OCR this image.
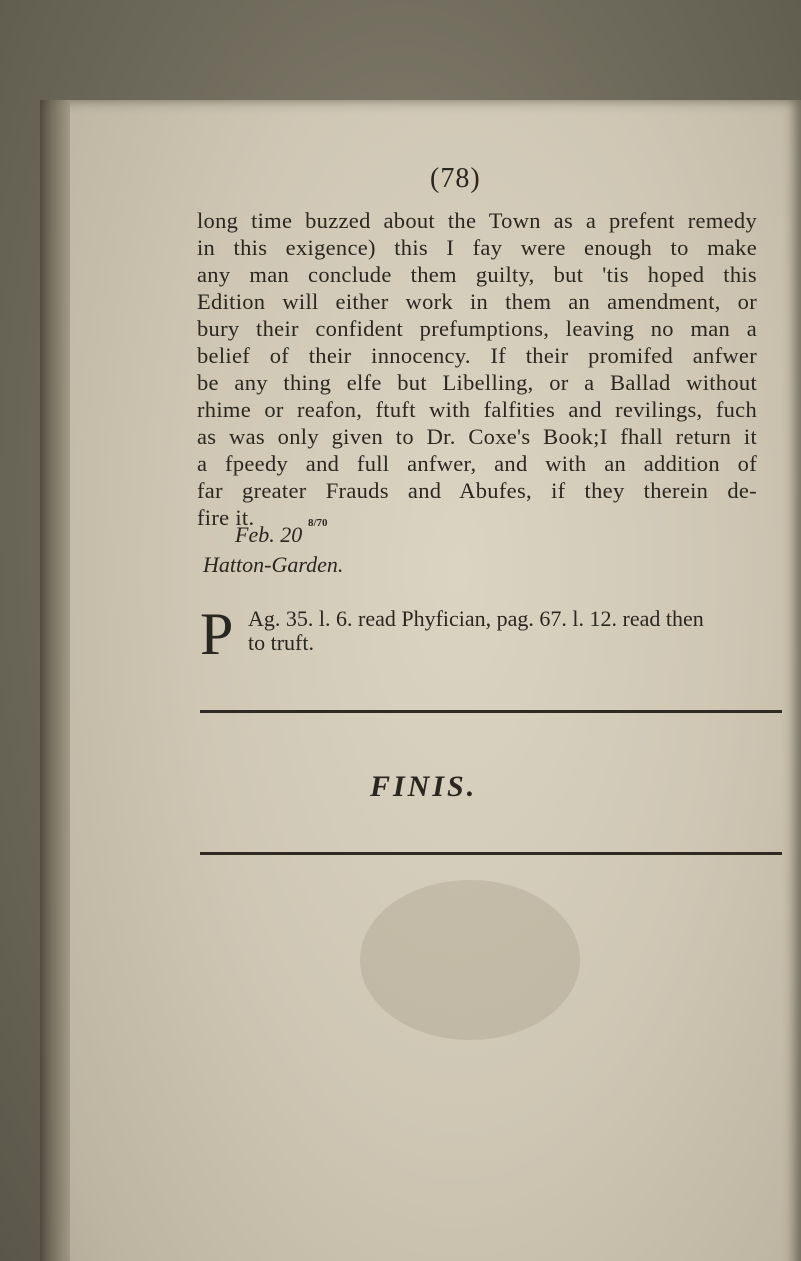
(78)
long time buzzed about the Town as a prefent remedy
in this exigence) this I fay were enough to make
any man conclude them guilty, but 'tis hoped this
Edition will either work in them an amendment, or
bury their confident prefumptions, leaving no man a
belief of their innocency. If their promifed anfwer
be any thing elfe but Libelling, or a Ballad without
rhime or reafon, ftuft with falfities and revilings, fuch
as was only given to Dr. Coxe's Book;I fhall return it
a fpeedy and full anfwer, and with an addition of
far greater Frauds and Abufes, if they therein de-
fire it.
Feb. 20 8/70
Hatton-Garden.
P Ag. 35. l. 6. read Phyfician, pag. 67. l. 12. read then
to truft.
FINIS.
